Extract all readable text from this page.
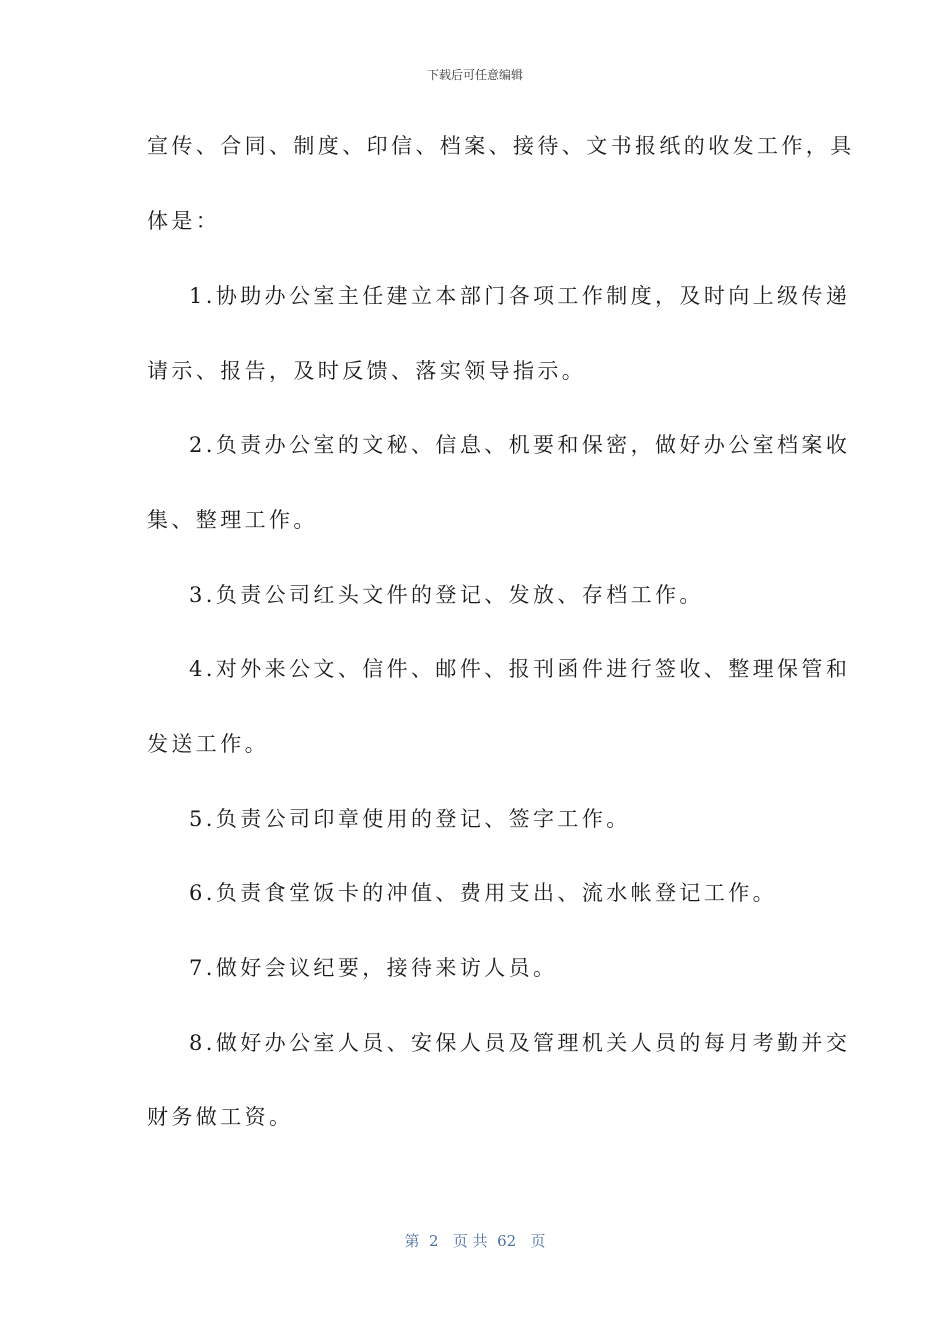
下载后可任意编辑
宣传、合同、制度、印信、档案、接待、文书报纸的收发工作，具
体是：
1.协助办公室主任建立本部门各项工作制度，及时向上级传递
请示、报告，及时反馈、落实领导指示。
2.负责办公室的文秘、信息、机要和保密，做好办公室档案收
集、整理工作。
3.负责公司红头文件的登记、发放、存档工作。
4.对外来公文、信件、邮件、报刊函件进行签收、整理保管和
发送工作。
5.负责公司印章使用的登记、签字工作。
6.负责食堂饭卡的冲值、费用支出、流水帐登记工作。
7.做好会议纪要，接待来访人员。
8.做好办公室人员、安保人员及管理机关人员的每月考勤并交
财务做工资。
第  2   页 共  62   页
